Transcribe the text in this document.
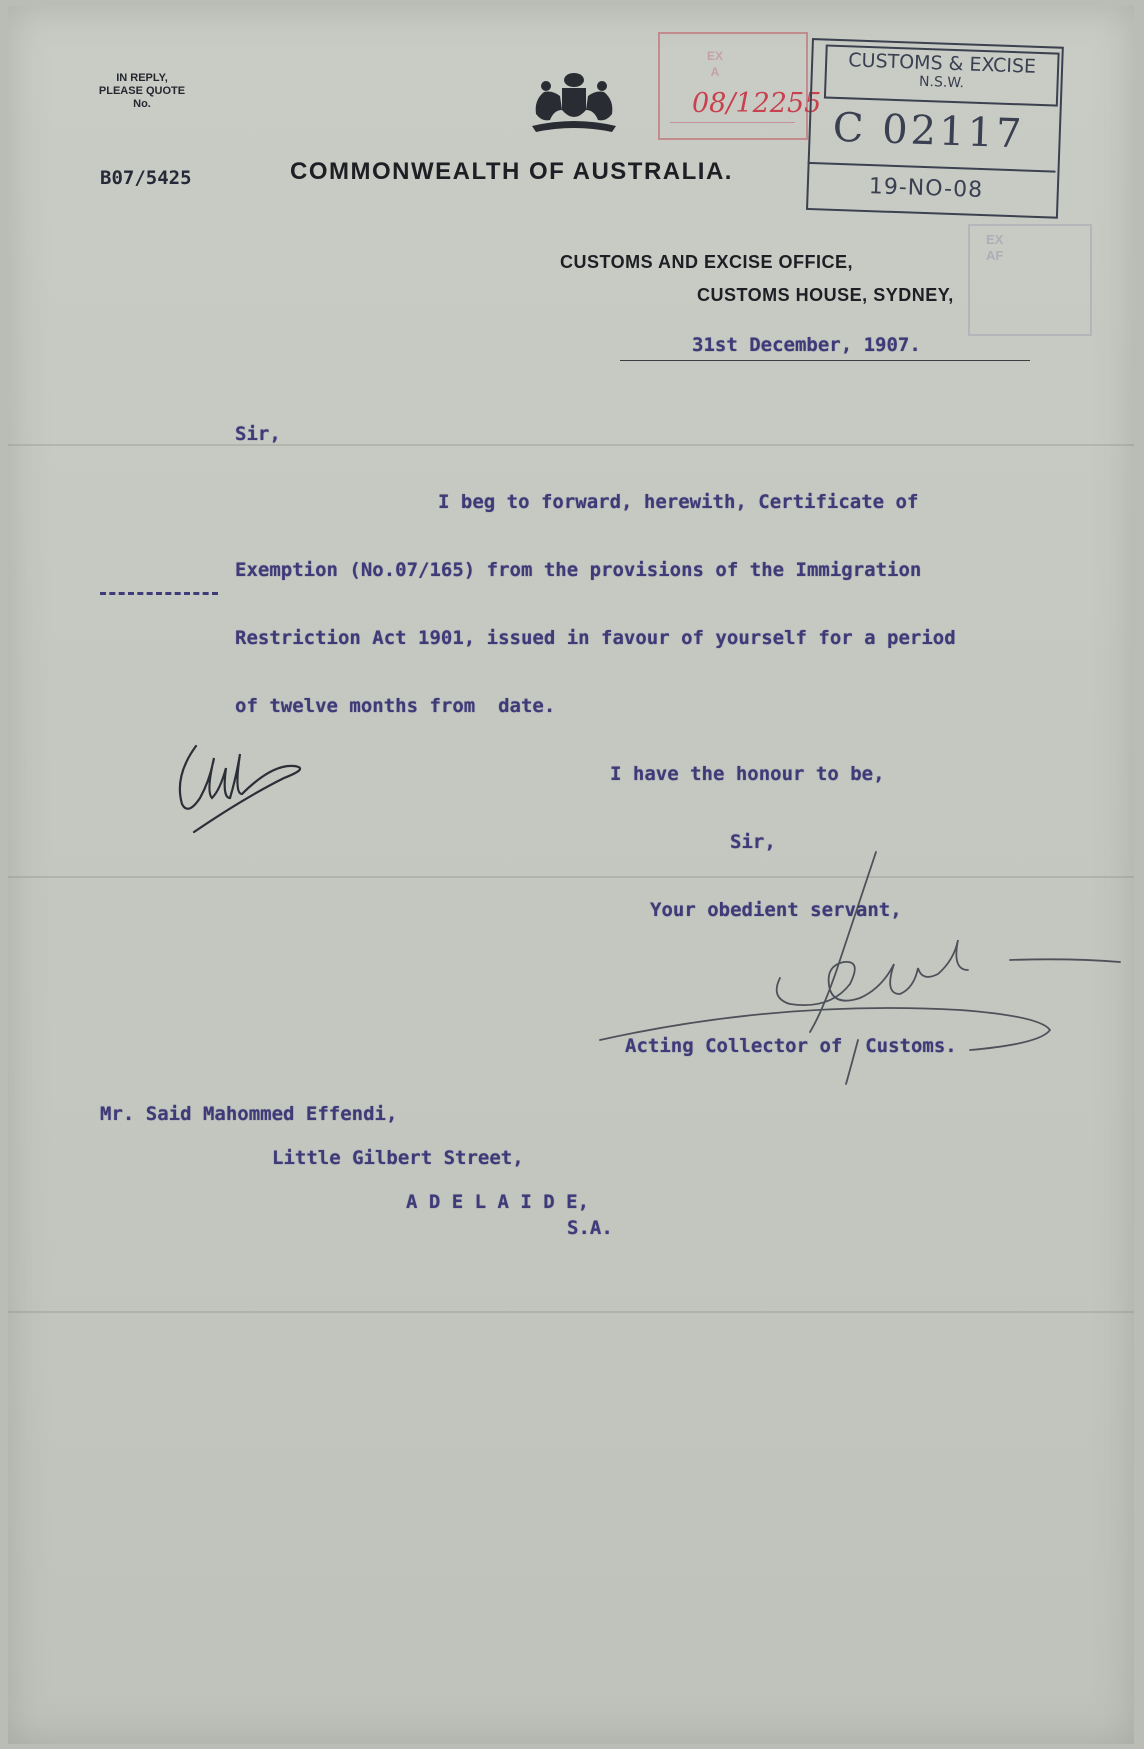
IN REPLY,
PLEASE QUOTE
No.
B07/5425	COMMONWEALTH OF AUSTRALIA.
CUSTOMS AND EXCISE OFFICE,
CUSTOMS HOUSE, SYDNEY,
EX
A
08/12255
CUSTOMS & EXCISE
N.S.W.
C 02117
19-NO-08
EX
AF
31st December, 1907.
Sir,
I beg to forward, herewith, Certificate of
Exemption (No.07/165) from the provisions of the Immigration
Restriction Act 1901, issued in favour of yourself for a period
of twelve months from  date.
I have the honour to be,
Sir,
Your obedient servant,
Acting Collector of  Customs.
Mr. Said Mahommed Effendi,
Little Gilbert Street,
A D E L A I D E,
S.A.
